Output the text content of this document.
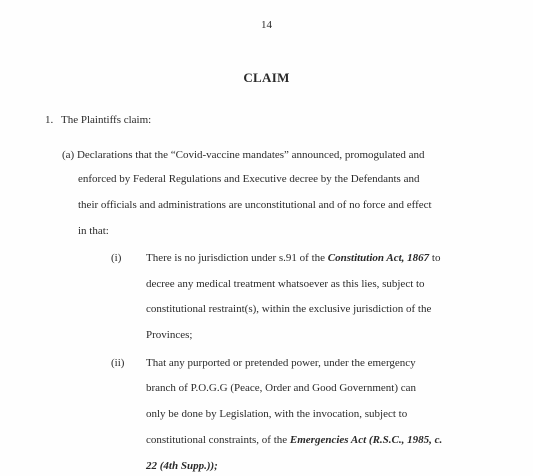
14
CLAIM
1. The Plaintiffs claim:
(a) Declarations that the “Covid-vaccine mandates” announced, promogulated and
enforced by Federal Regulations and Executive decree by the Defendants and
their officials and administrations are unconstitutional and of no force and effect
in that:
(i) There is no jurisdiction under s.91 of the Constitution Act, 1867 to
decree any medical treatment whatsoever as this lies, subject to
constitutional restraint(s), within the exclusive jurisdiction of the
Provinces;
(ii) That any purported or pretended power, under the emergency
branch of P.O.G.G (Peace, Order and Good Government) can
only be done by Legislation, with the invocation, subject to
constitutional constraints, of the Emergencies Act (R.S.C., 1985, c.
22 (4th Supp.));
